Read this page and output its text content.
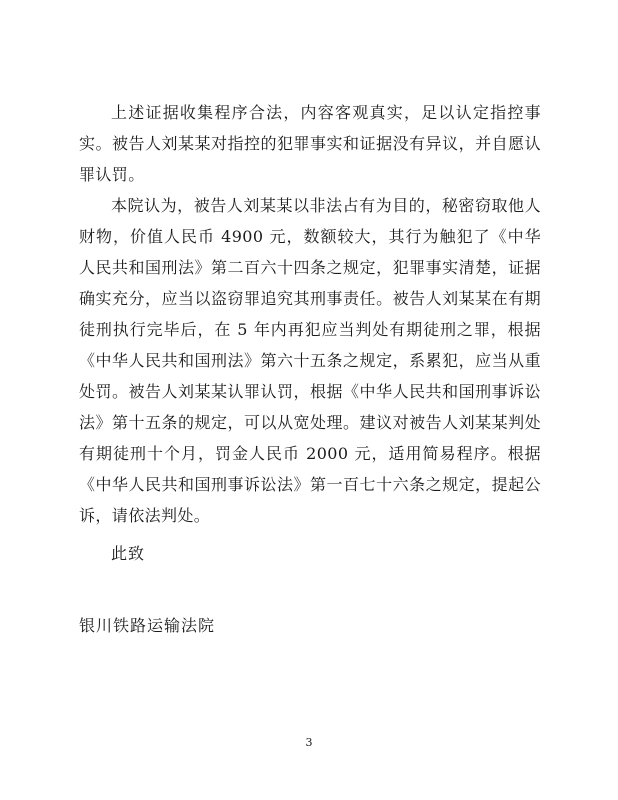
上述证据收集程序合法，内容客观真实，足以认定指控事实。被告人刘某某对指控的犯罪事实和证据没有异议，并自愿认罪认罚。

本院认为，被告人刘某某以非法占有为目的，秘密窃取他人财物，价值人民币 4900 元，数额较大，其行为触犯了《中华人民共和国刑法》第二百六十四条之规定，犯罪事实清楚，证据确实充分，应当以盗窃罪追究其刑事责任。被告人刘某某在有期徒刑执行完毕后，在 5 年内再犯应当判处有期徒刑之罪，根据《中华人民共和国刑法》第六十五条之规定，系累犯，应当从重处罚。被告人刘某某认罪认罚，根据《中华人民共和国刑事诉讼法》第十五条的规定，可以从宽处理。建议对被告人刘某某判处有期徒刑十个月，罚金人民币 2000 元，适用简易程序。根据《中华人民共和国刑事诉讼法》第一百七十六条之规定，提起公诉，请依法判处。

此致
银川铁路运输法院
3
